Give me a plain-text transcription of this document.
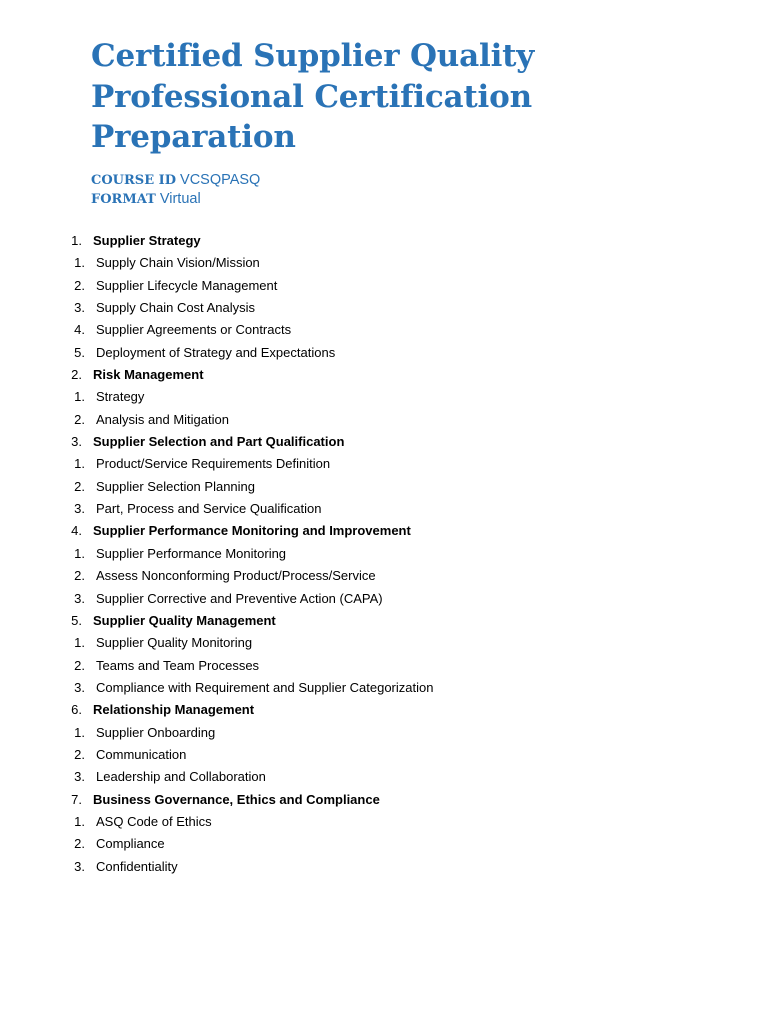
Certified Supplier Quality Professional Certification Preparation
COURSE ID VCSQPASQ
FORMAT Virtual
1. Supplier Strategy
1. Supply Chain Vision/Mission
2. Supplier Lifecycle Management
3. Supply Chain Cost Analysis
4. Supplier Agreements or Contracts
5. Deployment of Strategy and Expectations
2. Risk Management
1. Strategy
2. Analysis and Mitigation
3. Supplier Selection and Part Qualification
1. Product/Service Requirements Definition
2. Supplier Selection Planning
3. Part, Process and Service Qualification
4. Supplier Performance Monitoring and Improvement
1. Supplier Performance Monitoring
2. Assess Nonconforming Product/Process/Service
3. Supplier Corrective and Preventive Action (CAPA)
5. Supplier Quality Management
1. Supplier Quality Monitoring
2. Teams and Team Processes
3. Compliance with Requirement and Supplier Categorization
6. Relationship Management
1. Supplier Onboarding
2. Communication
3. Leadership and Collaboration
7. Business Governance, Ethics and Compliance
1. ASQ Code of Ethics
2. Compliance
3. Confidentiality
